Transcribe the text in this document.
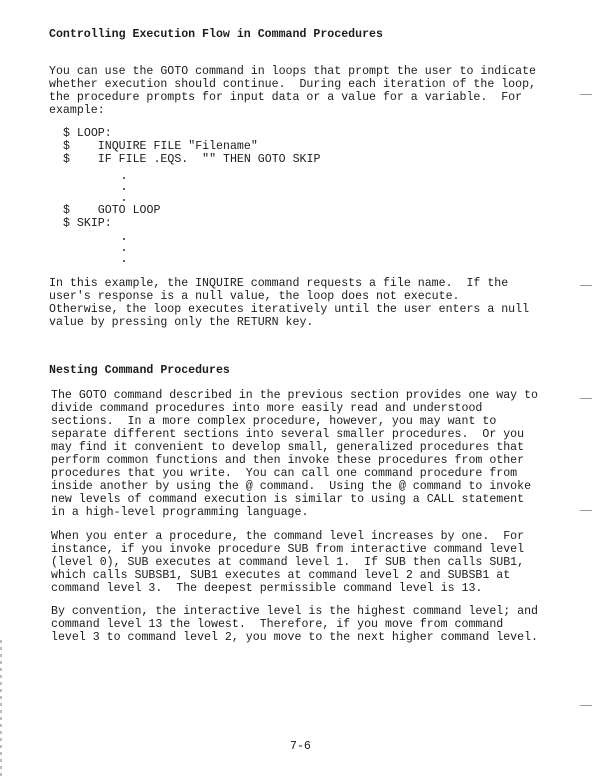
Controlling Execution Flow in Command Procedures
You can use the GOTO command in loops that prompt the user to indicate
whether execution should continue.  During each iteration of the loop,
the procedure prompts for input data or a value for a variable.  For
example:
$ LOOP:
$    INQUIRE FILE "Filename"
$    IF FILE .EQS.  "" THEN GOTO SKIP
$    GOTO LOOP
$ SKIP:
In this example, the INQUIRE command requests a file name.  If the
user's response is a null value, the loop does not execute.
Otherwise, the loop executes iteratively until the user enters a null
value by pressing only the RETURN key.
Nesting Command Procedures
The GOTO command described in the previous section provides one way to
divide command procedures into more easily read and understood
sections.  In a more complex procedure, however, you may want to
separate different sections into several smaller procedures.  Or you
may find it convenient to develop small, generalized procedures that
perform common functions and then invoke these procedures from other
procedures that you write.  You can call one command procedure from
inside another by using the @ command.  Using the @ command to invoke
new levels of command execution is similar to using a CALL statement
in a high-level programming language.
When you enter a procedure, the command level increases by one.  For
instance, if you invoke procedure SUB from interactive command level
(level 0), SUB executes at command level 1.  If SUB then calls SUB1,
which calls SUBSB1, SUB1 executes at command level 2 and SUBSB1 at
command level 3.  The deepest permissible command level is 13.
By convention, the interactive level is the highest command level; and
command level 13 the lowest.  Therefore, if you move from command
level 3 to command level 2, you move to the next higher command level.
7-6
